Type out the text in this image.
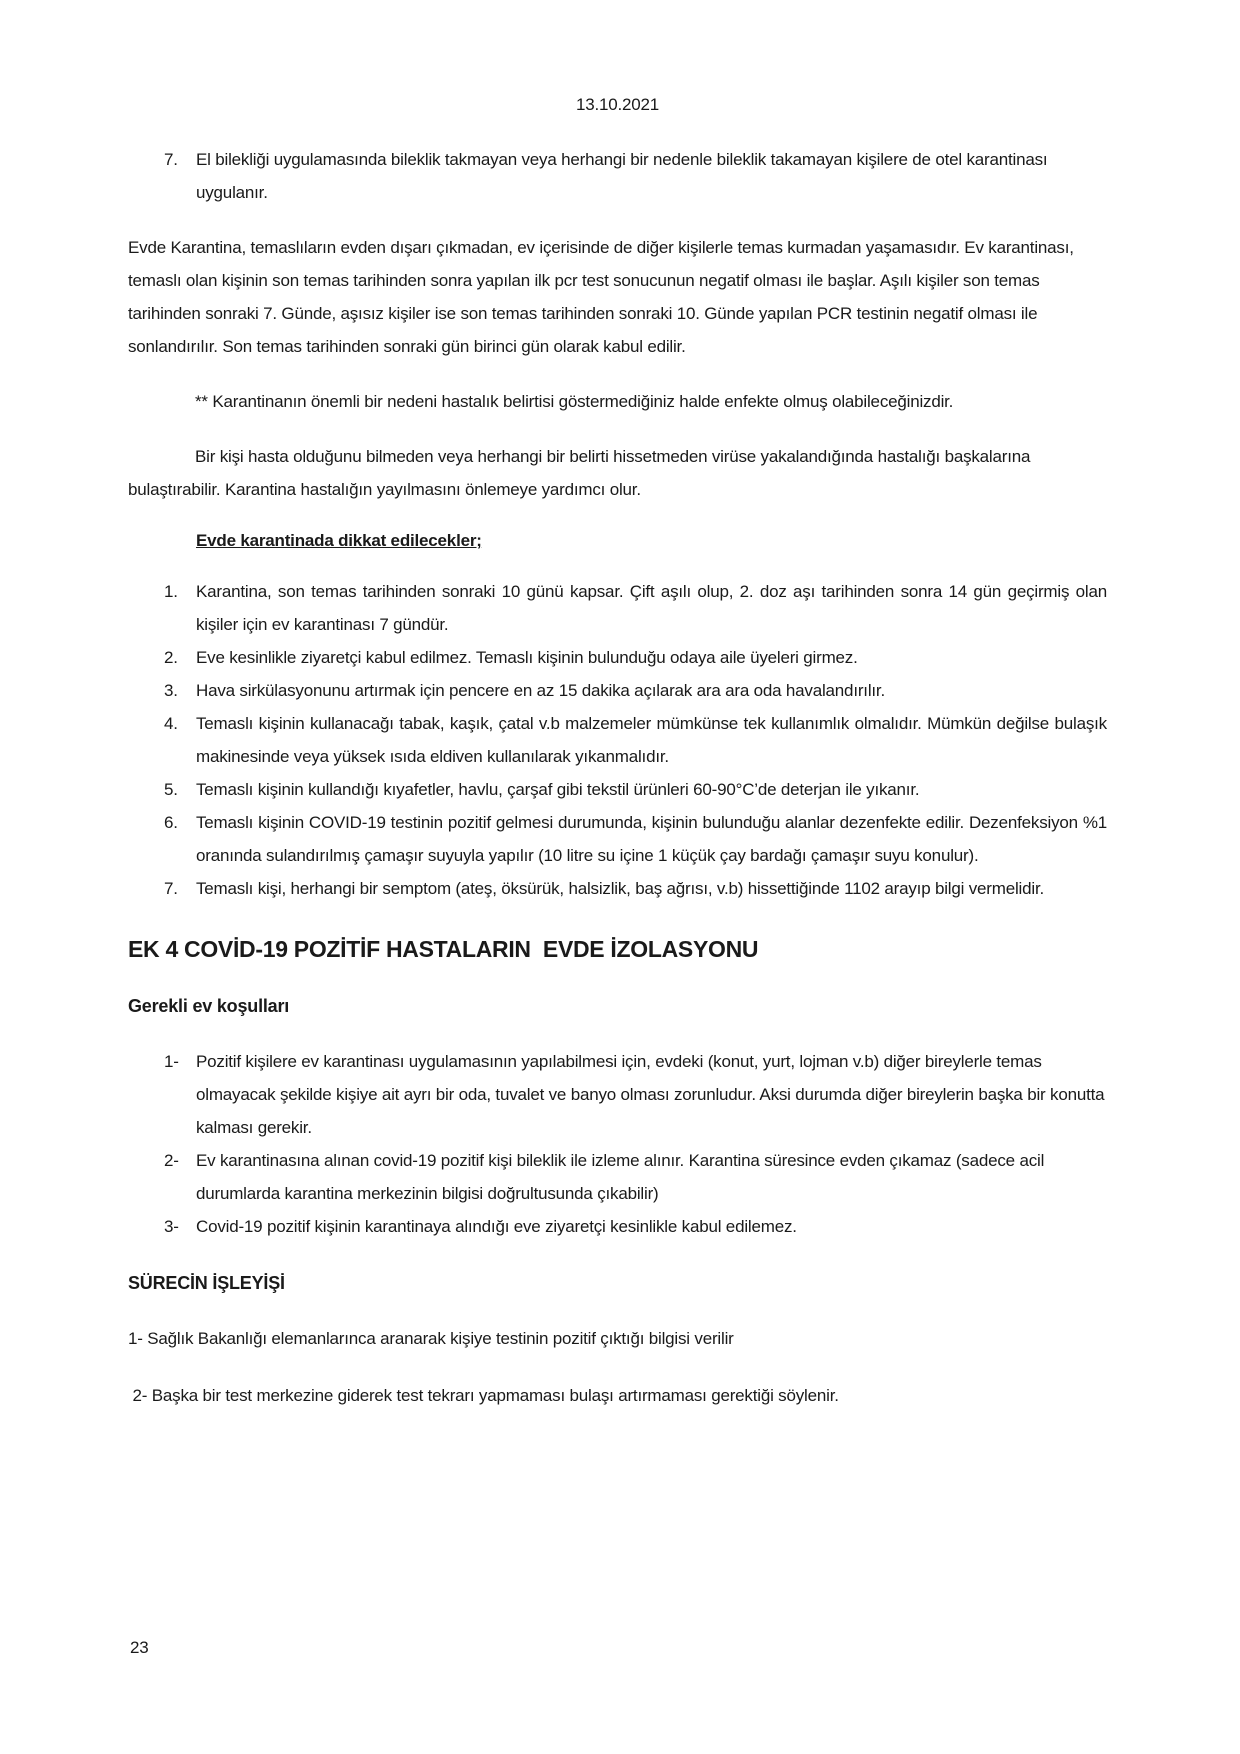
13.10.2021

7.	El bilekliği uygulamasında bileklik takmayan veya herhangi bir nedenle bileklik takamayan kişilere de otel karantinası uygulanır.

Evde Karantina, temaslıların evden dışarı çıkmadan, ev içerisinde de diğer kişilerle temas kurmadan yaşamasıdır. Ev karantinası, temaslı olan kişinin son temas tarihinden sonra yapılan ilk pcr test sonucunun negatif olması ile başlar. Aşılı kişiler son temas tarihinden sonraki 7. Günde, aşısız kişiler ise son temas tarihinden sonraki 10. Günde yapılan PCR testinin negatif olması ile sonlandırılır. Son temas tarihinden sonraki gün birinci gün olarak kabul edilir.

** Karantinanın önemli bir nedeni hastalık belirtisi göstermediğiniz halde enfekte olmuş olabileceğinizdir.

Bir kişi hasta olduğunu bilmeden veya herhangi bir belirti hissetmeden virüse yakalandığında hastalığı başkalarına bulaştırabilir. Karantina hastalığın yayılmasını önlemeye yardımcı olur.

Evde karantinada dikkat edilecekler;

1.	Karantina, son temas tarihinden sonraki 10 günü kapsar. Çift aşılı olup, 2. doz aşı tarihinden sonra 14 gün geçirmiş olan kişiler için ev karantinası 7 gündür.
2.	Eve kesinlikle ziyaretçi kabul edilmez. Temaslı kişinin bulunduğu odaya aile üyeleri girmez.
3.	Hava sirkülasyonunu artırmak için pencere en az 15 dakika açılarak ara ara oda havalandırılır.
4.	Temaslı kişinin kullanacağı tabak, kaşık, çatal v.b malzemeler mümkünse tek kullanımlık olmalıdır. Mümkün değilse bulaşık makinesinde veya yüksek ısıda eldiven kullanılarak yıkanmalıdır.
5.	Temaslı kişinin kullandığı kıyafetler, havlu, çarşaf gibi tekstil ürünleri 60-90°C’de deterjan ile yıkanır.
6.	Temaslı kişinin COVID-19 testinin pozitif gelmesi durumunda, kişinin bulunduğu alanlar dezenfekte edilir. Dezenfeksiyon %1 oranında sulandırılmış çamaşır suyuyla yapılır (10 litre su içine 1 küçük çay bardağı çamaşır suyu konulur).
7.	Temaslı kişi, herhangi bir semptom (ateş, öksürük, halsizlik, baş ağrısı, v.b) hissettiğinde 1102 arayıp bilgi vermelidir.
EK 4 COVİD-19 POZİTİF HASTALARIN  EVDE İZOLASYONU
Gerekli ev koşulları
1-	Pozitif kişilere ev karantinası uygulamasının yapılabilmesi için, evdeki (konut, yurt, lojman v.b) diğer bireylerle temas olmayacak şekilde kişiye ait ayrı bir oda, tuvalet ve banyo olması zorunludur. Aksi durumda diğer bireylerin başka bir konutta kalması gerekir.
2-	Ev karantinasına alınan covid-19 pozitif kişi bileklik ile izleme alınır. Karantina süresince evden çıkamaz (sadece acil durumlarda karantina merkezinin bilgisi doğrultusunda çıkabilir)
3-	Covid-19 pozitif kişinin karantinaya alındığı eve ziyaretçi kesinlikle kabul edilemez.
SÜRECİN İŞLEYİŞİ

1- Sağlık Bakanlığı elemanlarınca aranarak kişiye testinin pozitif çıktığı bilgisi verilir

2- Başka bir test merkezine giderek test tekrarı yapmaması bulaşı artırmaması gerektiği söylenir.

23
